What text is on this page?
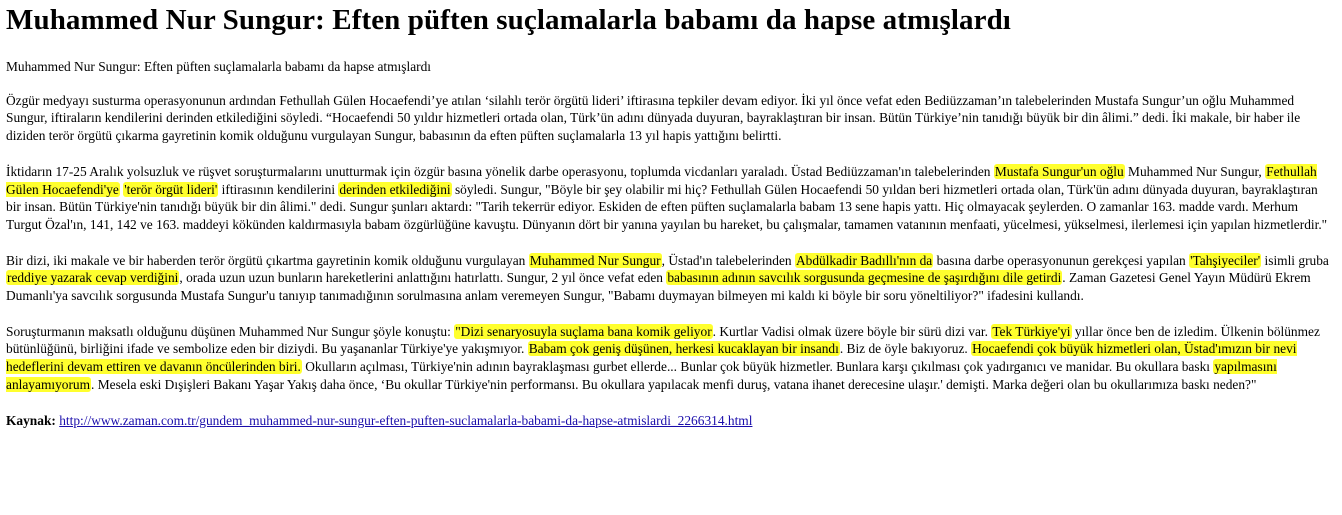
Muhammed Nur Sungur: Eften püften suçlamalarla babamı da hapse atmışlardı

Muhammed Nur Sungur: Eften püften suçlamalarla babamı da hapse atmışlardı

Özgür medyayı susturma operasyonunun ardından Fethullah Gülen Hocaefendi’ye atılan ‘silahlı terör örgütü lideri’ iftirasına tepkiler devam ediyor. İki yıl önce vefat eden Bediüzzaman’ın talebelerinden Mustafa Sungur’un oğlu Muhammed Sungur, iftiraların kendilerini derinden etkilediğini söyledi. “Hocaefendi 50 yıldır hizmetleri ortada olan, Türk’ün adını dünyada duyuran, bayraklaştıran bir insan. Bütün Türkiye’nin tanıdığı büyük bir din âlimi.” dedi. İki makale, bir haber ile diziden terör örgütü çıkarma gayretinin komik olduğunu vurgulayan Sungur, babasının da eften püften suçlamalarla 13 yıl hapis yattığını belirtti.

İktidarın 17-25 Aralık yolsuzluk ve rüşvet soruşturmalarını unutturmak için özgür basına yönelik darbe operasyonu, toplumda vicdanları yaraladı. Üstad Bediüzzaman'ın talebelerinden Mustafa Sungur'un oğlu Muhammed Nur Sungur, Fethullah Gülen Hocaefendi'ye 'terör örgüt lideri' iftirasının kendilerini derinden etkilediğini söyledi. Sungur, "Böyle bir şey olabilir mi hiç? Fethullah Gülen Hocaefendi 50 yıldan beri hizmetleri ortada olan, Türk'ün adını dünyada duyuran, bayraklaştıran bir insan. Bütün Türkiye'nin tanıdığı büyük bir din âlimi." dedi. Sungur şunları aktardı: "Tarih tekerrür ediyor. Eskiden de eften püften suçlamalarla babam 13 sene hapis yattı. Hiç olmayacak şeylerden. O zamanlar 163. madde vardı. Merhum Turgut Özal'ın, 141, 142 ve 163. maddeyi kökünden kaldırmasıyla babam özgürlüğüne kavuştu. Dünyanın dört bir yanına yayılan bu hareket, bu çalışmalar, tamamen vatanının menfaati, yücelmesi, yükselmesi, ilerlemesi için yapılan hizmetlerdir."

Bir dizi, iki makale ve bir haberden terör örgütü çıkartma gayretinin komik olduğunu vurgulayan Muhammed Nur Sungur, Üstad'ın talebelerinden Abdülkadir Badıllı'nın da basına darbe operasyonunun gerekçesi yapılan 'Tahşiyeciler' isimli gruba reddiye yazarak cevap verdiğini, orada uzun uzun bunların hareketlerini anlattığını hatırlattı. Sungur, 2 yıl önce vefat eden babasının adının savcılık sorgusunda geçmesine de şaşırdığını dile getirdi. Zaman Gazetesi Genel Yayın Müdürü Ekrem Dumanlı'ya savcılık sorgusunda Mustafa Sungur'u tanıyıp tanımadığının sorulmasına anlam veremeyen Sungur, "Babamı duymayan bilmeyen mi kaldı ki böyle bir soru yöneltiliyor?" ifadesini kullandı.

Soruşturmanın maksatlı olduğunu düşünen Muhammed Nur Sungur şöyle konuştu: "Dizi senaryosuyla suçlama bana komik geliyor. Kurtlar Vadisi olmak üzere böyle bir sürü dizi var. Tek Türkiye'yi yıllar önce ben de izledim. Ülkenin bölünmez bütünlüğünü, birliğini ifade ve sembolize eden bir diziydi. Bu yaşananlar Türkiye'ye yakışmıyor. Babam çok geniş düşünen, herkesi kucaklayan bir insandı. Biz de öyle bakıyoruz. Hocaefendi çok büyük hizmetleri olan, Üstad'ımızın bir nevi hedeflerini devam ettiren ve davanın öncülerinden biri. Okulların açılması, Türkiye'nin adının bayraklaşması gurbet ellerde... Bunlar çok büyük hizmetler. Bunlara karşı çıkılması çok yadırganıcı ve manidar. Bu okullara baskı yapılmasını anlayamıyorum. Mesela eski Dışişleri Bakanı Yaşar Yakış daha önce, ‘Bu okullar Türkiye'nin performansı. Bu okullara yapılacak menfi duruş, vatana ihanet derecesine ulaşır.' demişti. Marka değeri olan bu okullarımıza baskı neden?"

Kaynak: http://www.zaman.com.tr/gundem_muhammed-nur-sungur-eften-puften-suclamalarla-babami-da-hapse-atmislardi_2266314.html
